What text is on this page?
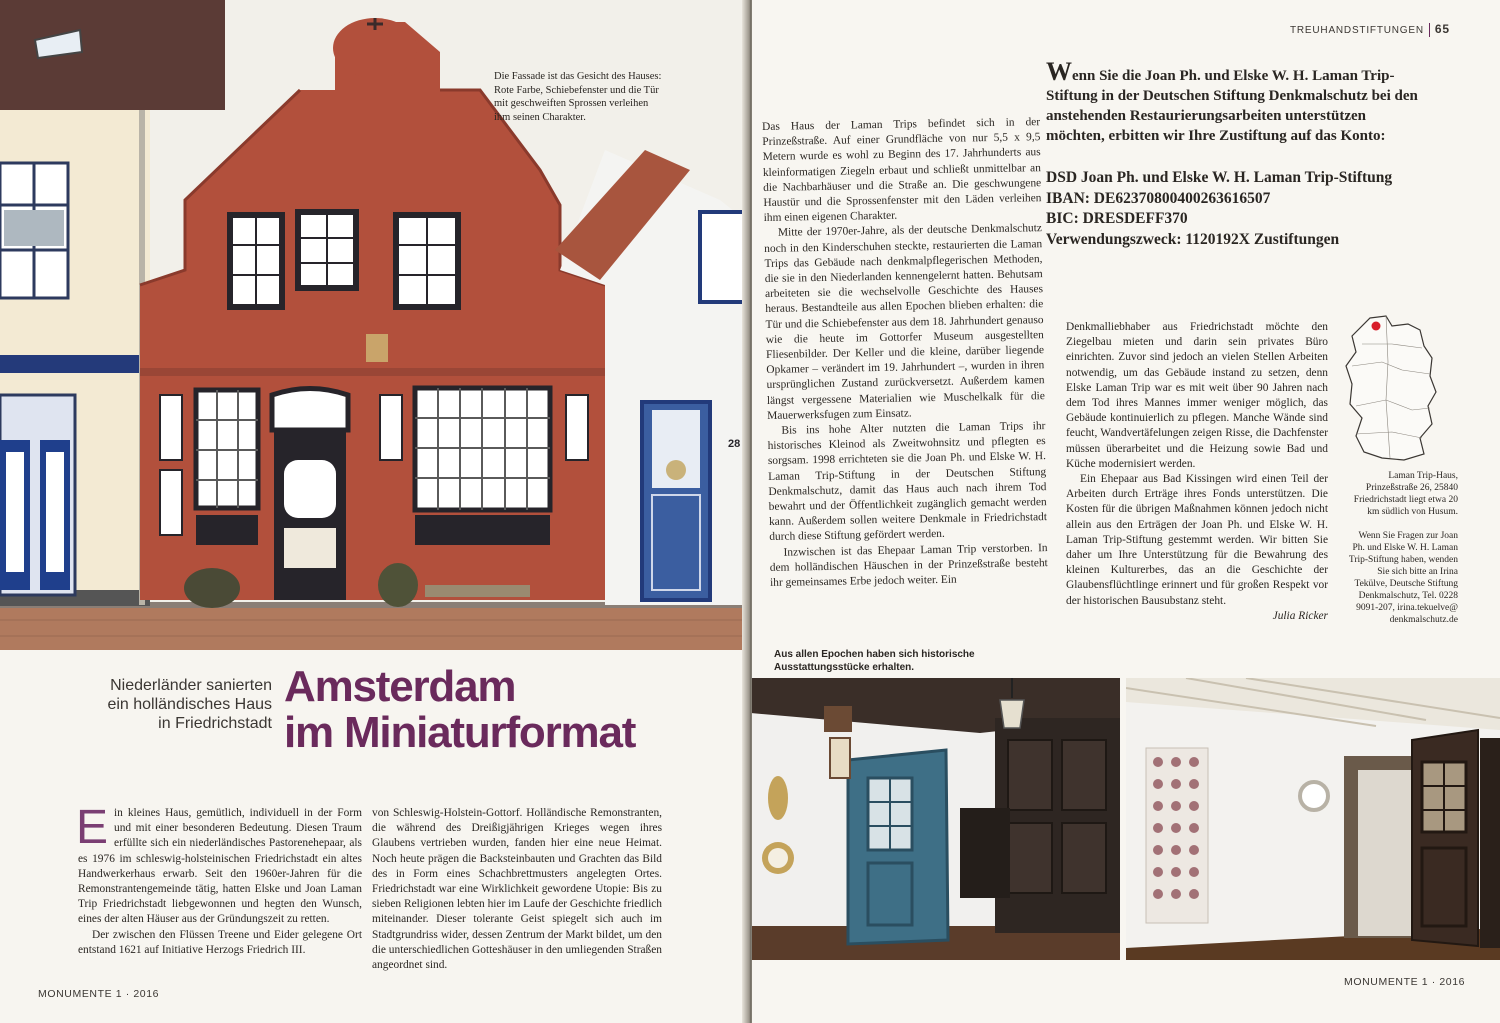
28
Die Fassade ist das Gesicht des Hauses: Rote Farbe, Schiebefenster und die Tür mit geschweiften Sprossen verleihen ihm seinen Charakter.
Niederländer sanierten ein holländisches Haus in Friedrichstadt
Amsterdam
im Miniaturformat

Ein kleines Haus, gemütlich, individuell in der Form und mit einer besonderen Bedeutung. Diesen Traum erfüllte sich ein niederländisches Pastorenehepaar, als es 1976 im schleswig-holsteinischen Friedrichstadt ein altes Handwerkerhaus erwarb. Seit den 1960er-Jahren für die Remonstrantengemeinde tätig, hatten Elske und Joan Laman Trip Friedrichstadt liebgewonnen und hegten den Wunsch, eines der alten Häuser aus der Gründungszeit zu retten.

Der zwischen den Flüssen Treene und Eider gelegene Ort entstand 1621 auf Initiative Herzogs Friedrich III.

von Schleswig-Holstein-Gottorf. Holländische Remonstranten, die während des Dreißigjährigen Krieges wegen ihres Glaubens vertrieben wurden, fanden hier eine neue Heimat. Noch heute prägen die Backsteinbauten und Grachten das Bild des in Form eines Schachbrettmusters angelegten Ortes. Friedrichstadt war eine Wirklichkeit gewordene Utopie: Bis zu sieben Religionen lebten hier im Laufe der Geschichte friedlich miteinander. Dieser tolerante Geist spiegelt sich auch im Stadtgrundriss wider, dessen Zentrum der Markt bildet, um den die unterschiedlichen Gotteshäuser in den umliegenden Straßen angeordnet sind.

MONUMENTE 1 · 2016
TREUHANDSTIFTUNGEN 65

Das Haus der Laman Trips befindet sich in der Prinzeßstraße. Auf einer Grundfläche von nur 5,5 x 9,5 Metern wurde es wohl zu Beginn des 17. Jahrhunderts aus kleinformatigen Ziegeln erbaut und schließt unmittelbar an die Nachbarhäuser und die Straße an. Die geschwungene Haustür und die Sprossenfenster mit den Läden verleihen ihm einen eigenen Charakter.

Mitte der 1970er-Jahre, als der deutsche Denkmalschutz noch in den Kinderschuhen steckte, restaurierten die Laman Trips das Gebäude nach denkmalpflegerischen Methoden, die sie in den Niederlanden kennengelernt hatten. Behutsam arbeiteten sie die wechselvolle Geschichte des Hauses heraus. Bestandteile aus allen Epochen blieben erhalten: die Tür und die Schiebefenster aus dem 18. Jahrhundert genauso wie die heute im Gottorfer Museum ausgestellten Fliesenbilder. Der Keller und die kleine, darüber liegende Opkamer – verändert im 19. Jahrhundert –, wurden in ihren ursprünglichen Zustand zurückversetzt. Außerdem kamen längst vergessene Materialien wie Muschelkalk für die Mauerwerksfugen zum Einsatz.

Bis ins hohe Alter nutzten die Laman Trips ihr historisches Kleinod als Zweitwohnsitz und pflegten es sorgsam. 1998 errichteten sie die Joan Ph. und Elske W. H. Laman Trip-Stiftung in der Deutschen Stiftung Denkmalschutz, damit das Haus auch nach ihrem Tod bewahrt und der Öffentlichkeit zugänglich gemacht werden kann. Außerdem sollen weitere Denkmale in Friedrichstadt durch diese Stiftung gefördert werden.

Inzwischen ist das Ehepaar Laman Trip verstorben. In dem holländischen Häuschen in der Prinzeßstraße besteht ihr gemeinsames Erbe jedoch weiter. Ein

Wenn Sie die Joan Ph. und Elske W. H. Laman Trip-Stiftung in der Deutschen Stiftung Denkmalschutz bei den anstehenden Restaurierungsarbeiten unterstützen möchten, erbitten wir Ihre Zustiftung auf das Konto:
DSD Joan Ph. und Elske W. H. Laman Trip-Stiftung
IBAN: DE62370800400263616507
BIC: DRESDEFF370
Verwendungszweck: 1120192X Zustiftungen

Denkmalliebhaber aus Friedrichstadt möchte den Ziegelbau mieten und darin sein privates Büro einrichten. Zuvor sind jedoch an vielen Stellen Arbeiten notwendig, um das Gebäude instand zu setzen, denn Elske Laman Trip war es mit weit über 90 Jahren nach dem Tod ihres Mannes immer weniger möglich, das Gebäude kontinuierlich zu pflegen. Manche Wände sind feucht, Wandvertäfelungen zeigen Risse, die Dachfenster müssen überarbeitet und die Heizung sowie Bad und Küche modernisiert werden.

Ein Ehepaar aus Bad Kissingen wird einen Teil der Arbeiten durch Erträge ihres Fonds unterstützen. Die Kosten für die übrigen Maßnahmen können jedoch nicht allein aus den Erträgen der Joan Ph. und Elske W. H. Laman Trip-Stiftung gestemmt werden. Wir bitten Sie daher um Ihre Unterstützung für die Bewahrung des kleinen Kulturerbes, das an die Geschichte der Glaubensflüchtlinge erinnert und für großen Respekt vor der historischen Bausubstanz steht.

Julia Ricker

Laman Trip-Haus, Prinzeßstraße 26, 25840 Friedrichstadt liegt etwa 20 km südlich von Husum.

Wenn Sie Fragen zur Joan Ph. und Elske W. H. Laman Trip-Stiftung haben, wenden Sie sich bitte an Irina Tekülve, Deutsche Stiftung Denkmalschutz, Tel. 0228 9091-207, irina.tekuelve@ denkmalschutz.de

Aus allen Epochen haben sich historische Ausstattungsstücke erhalten.
MONUMENTE 1 · 2016
